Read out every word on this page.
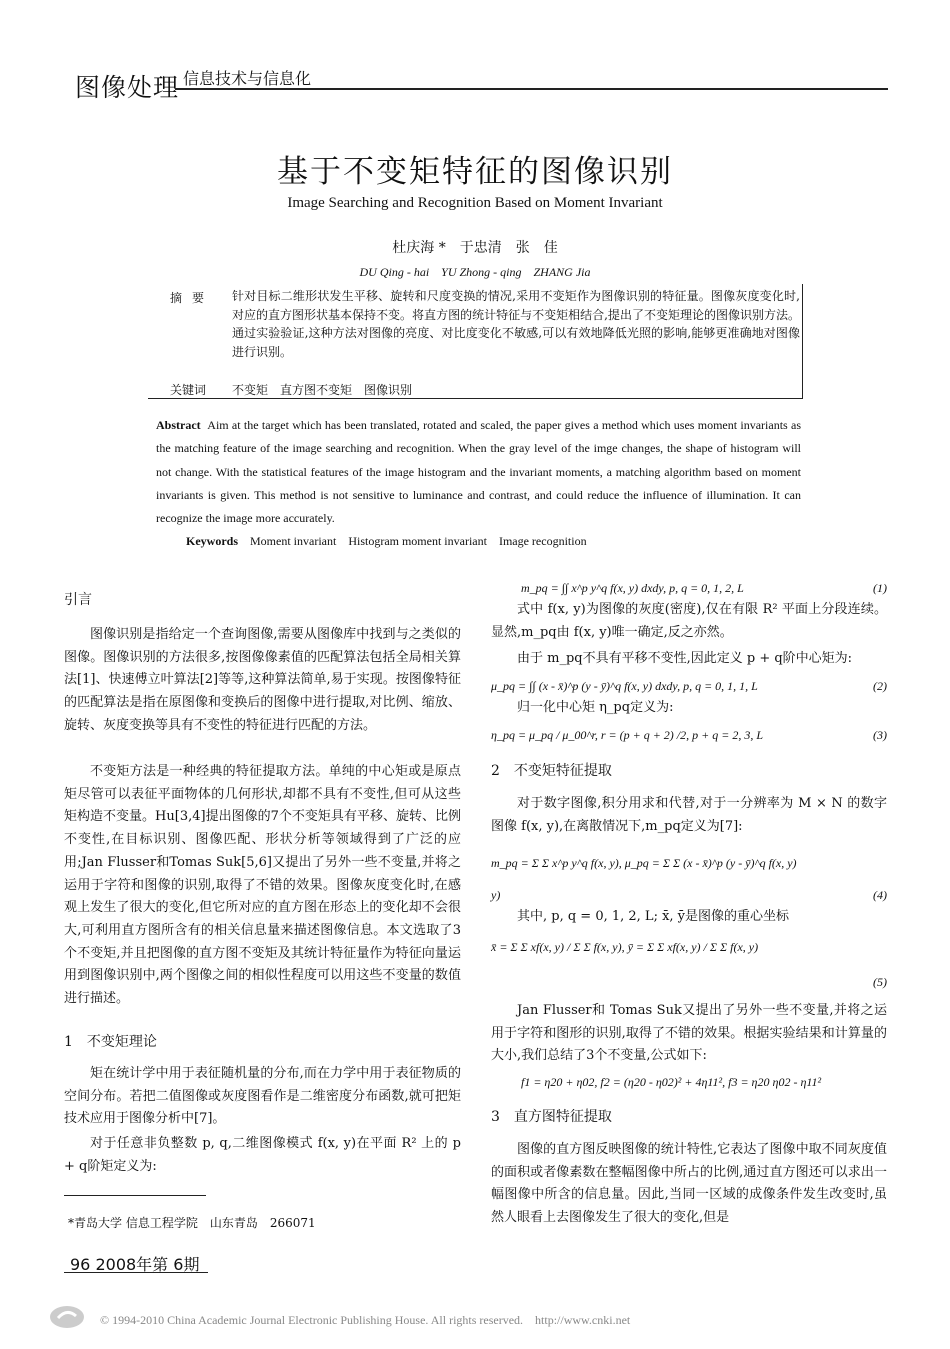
图像处理 信息技术与信息化
基于不变矩特征的图像识别
Image Searching and Recognition Based on Moment Invariant
杜庆海 *　于忠清　张　佳
DU Qing - hai　YU Zhong - qing　ZHANG Jia
摘要 针对目标二维形状发生平移、旋转和尺度变换的情况,采用不变矩作为图像识别的特征量。图像灰度变化时,对应的直方图形状基本保持不变。将直方图的统计特征与不变矩相结合,提出了不变矩理论的图像识别方法。通过实验验证,这种方法对图像的亮度、对比度变化不敏感,可以有效地降低光照的影响,能够更准确地对图像进行识别。
关键词 不变矩　直方图不变矩　图像识别
Abstract Aim at the target which has been translated, rotated and scaled, the paper gives a method which uses moment invariants as the matching feature of the image searching and recognition. When the gray level of the imge changes, the shape of histogram will not change. With the statistical features of the image histogram and the invariant moments, a matching algorithm based on moment invariants is given. This method is not sensitive to luminance and contrast, and could reduce the influence of illumination. It can recognize the image more accurately.
Keywords Moment invariant　Histogram moment invariant　Image recognition
引言
图像识别是指给定一个查询图像,需要从图像库中找到与之类似的图像。图像识别的方法很多,按图像像素值的匹配算法包括全局相关算法[1]、快速傅立叶算法[2]等等,这种算法简单,易于实现。按图像特征的匹配算法是指在原图像和变换后的图像中进行提取,对比例、缩放、旋转、灰度变换等具有不变性的特征进行匹配的方法。
不变矩方法是一种经典的特征提取方法。单纯的中心矩或是原点矩尽管可以表征平面物体的几何形状,却都不具有不变性,但可从这些矩构造不变量。Hu[3,4]提出图像的7个不变矩具有平移、旋转、比例不变性,在目标识别、图像匹配、形状分析等领域得到了广泛的应用;Jan Flusser和Tomas Suk[5,6]又提出了另外一些不变量,并将之运用于字符和图像的识别,取得了不错的效果。图像灰度变化时,在感观上发生了很大的变化,但它所对应的直方图在形态上的变化却不会很大,可利用直方图所含有的相关信息量来描述图像信息。本文选取了3个不变矩,并且把图像的直方图不变矩及其统计特征量作为特征向量运用到图像识别中,两个图像之间的相似性程度可以用这些不变量的数值进行描述。
1　不变矩理论
矩在统计学中用于表征随机量的分布,而在力学中用于表征物质的空间分布。若把二值图像或灰度图看作是二维密度分布函数,就可把矩技术应用于图像分析中[7]。
对于任意非负整数 p, q,二维图像模式 f(x, y)在平面 R² 上的 p + q阶矩定义为:
*青岛大学 信息工程学院　山东青岛　266071
96 2008年第 6期
m_pq = ∫∫ x^p y^q f(x, y) dxdy, p, q = 0, 1, 2, L	(1)
式中 f(x, y)为图像的灰度(密度),仅在有限 R² 平面上分段连续。显然,m_pq由 f(x, y)唯一确定,反之亦然。
由于 m_pq不具有平移不变性,因此定义 p + q阶中心矩为:
μ_pq = ∫∫ (x - x̄)^p (y - ȳ)^q f(x, y) dxdy, p, q = 0, 1, 1, L	(2)
归一化中心矩 η_pq定义为:
η_pq = μ_pq / μ_00^r, r = (p + q + 2) /2, p + q = 2, 3, L	(3)
2　不变矩特征提取
对于数字图像,积分用求和代替,对于一分辨率为 M × N 的数字图像 f(x, y),在离散情况下,m_pq定义为[7]:
m_pq = Σ Σ x^p y^q f(x, y), μ_pq = Σ Σ (x - x̄)^p (y - ȳ)^q f(x, y)
y)	(4)
其中, p, q = 0, 1, 2, L; x̄, ȳ是图像的重心坐标
x̄ = Σ Σ xf(x, y) / Σ Σ f(x, y), ȳ = Σ Σ xf(x, y) / Σ Σ f(x, y)
(5)
Jan Flusser和 Tomas Suk又提出了另外一些不变量,并将之运用于字符和图形的识别,取得了不错的效果。根据实验结果和计算量的大小,我们总结了3个不变量,公式如下:
f1 = η20 + η02, f2 = (η20 - η02)² + 4η11², f3 = η20 η02 - η11²
3　直方图特征提取
图像的直方图反映图像的统计特性,它表达了图像中取不同灰度值的面积或者像素数在整幅图像中所占的比例,通过直方图还可以求出一幅图像中所含的信息量。因此,当同一区域的成像条件发生改变时,虽然人眼看上去图像发生了很大的变化,但是
© 1994-2010 China Academic Journal Electronic Publishing House. All rights reserved.　http://www.cnki.net
